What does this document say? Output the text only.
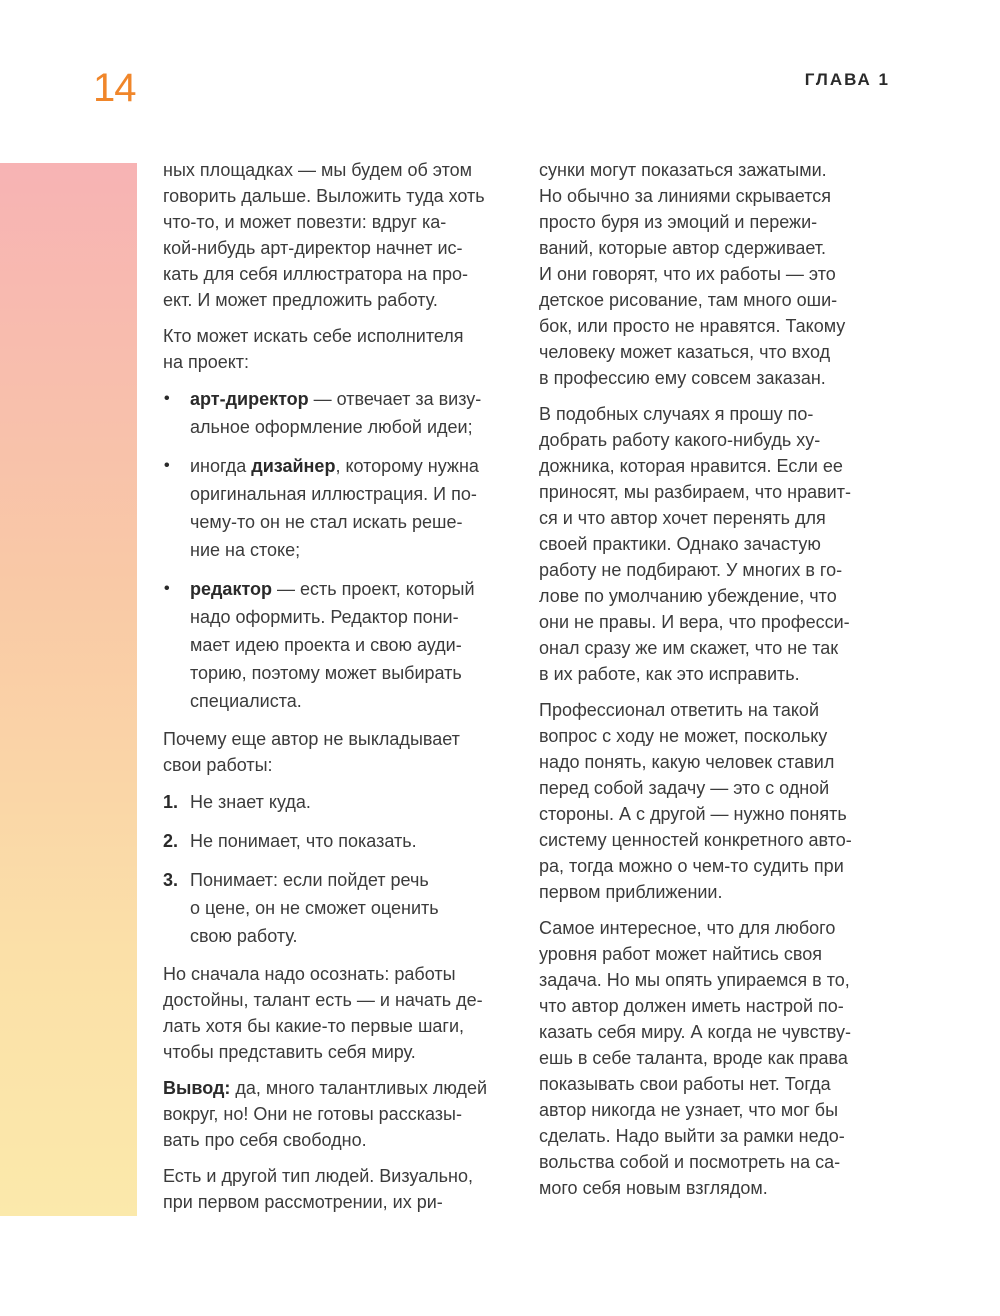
14	ГЛАВА 1
ных площадках — мы будем об этом
говорить дальше. Выложить туда хоть
что-то, и может повезти: вдруг ка-
кой-нибудь арт-директор начнет ис-
кать для себя иллюстратора на про-
ект. И может предложить работу.
Кто может искать себе исполнителя
на проект:
• арт-директор — отвечает за визу-
альное оформление любой идеи;
• иногда дизайнер, которому нужна
оригинальная иллюстрация. И по-
чему-то он не стал искать реше-
ние на стоке;
• редактор — есть проект, который
надо оформить. Редактор пони-
мает идею проекта и свою ауди-
торию, поэтому может выбирать
специалиста.
Почему еще автор не выкладывает
свои работы:
1. Не знает куда.
2. Не понимает, что показать.
3. Понимает: если пойдет речь
о цене, он не сможет оценить
свою работу.
Но сначала надо осознать: работы
достойны, талант есть — и начать де-
лать хотя бы какие-то первые шаги,
чтобы представить себя миру.
Вывод: да, много талантливых людей
вокруг, но! Они не готовы рассказы-
вать про себя свободно.
Есть и другой тип людей. Визуально,
при первом рассмотрении, их ри-
сунки могут показаться зажатыми.
Но обычно за линиями скрывается
просто буря из эмоций и пережи-
ваний, которые автор сдерживает.
И они говорят, что их работы — это
детское рисование, там много оши-
бок, или просто не нравятся. Такому
человеку может казаться, что вход
в профессию ему совсем заказан.
В подобных случаях я прошу по-
добрать работу какого-нибудь ху-
дожника, которая нравится. Если ее
приносят, мы разбираем, что нравит-
ся и что автор хочет перенять для
своей практики. Однако зачастую
работу не подбирают. У многих в го-
лове по умолчанию убеждение, что
они не правы. И вера, что професси-
онал сразу же им скажет, что не так
в их работе, как это исправить.
Профессионал ответить на такой
вопрос с ходу не может, поскольку
надо понять, какую человек ставил
перед собой задачу — это с одной
стороны. А с другой — нужно понять
систему ценностей конкретного авто-
ра, тогда можно о чем-то судить при
первом приближении.
Самое интересное, что для любого
уровня работ может найтись своя
задача. Но мы опять упираемся в то,
что автор должен иметь настрой по-
казать себя миру. А когда не чувству-
ешь в себе таланта, вроде как права
показывать свои работы нет. Тогда
автор никогда не узнает, что мог бы
сделать. Надо выйти за рамки недо-
вольства собой и посмотреть на са-
мого себя новым взглядом.
